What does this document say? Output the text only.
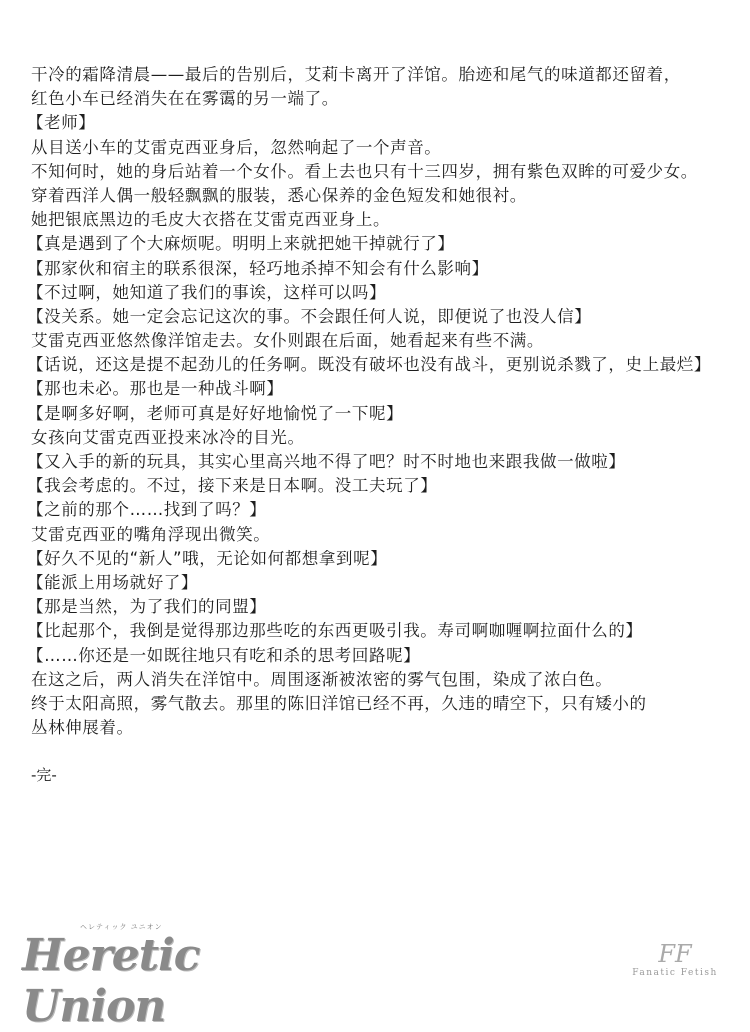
干冷的霜降清晨——最后的告别后，艾莉卡离开了洋馆。胎迹和尾气的味道都还留着，
红色小车已经消失在在雾霭的另一端了。
【老师】
从目送小车的艾雷克西亚身后，忽然响起了一个声音。
不知何时，她的身后站着一个女仆。看上去也只有十三四岁，拥有紫色双眸的可爱少女。
穿着西洋人偶一般轻飘飘的服装，悉心保养的金色短发和她很衬。
她把银底黑边的毛皮大衣搭在艾雷克西亚身上。
【真是遇到了个大麻烦呢。明明上来就把她干掉就行了】
【那家伙和宿主的联系很深，轻巧地杀掉不知会有什么影响】
【不过啊，她知道了我们的事诶，这样可以吗】
【没关系。她一定会忘记这次的事。不会跟任何人说，即便说了也没人信】
艾雷克西亚悠然像洋馆走去。女仆则跟在后面，她看起来有些不满。
【话说，还这是提不起劲儿的任务啊。既没有破坏也没有战斗，更别说杀戮了，史上最烂】
【那也未必。那也是一种战斗啊】
【是啊多好啊，老师可真是好好地愉悦了一下呢】
女孩向艾雷克西亚投来冰冷的目光。
【又入手的新的玩具，其实心里高兴地不得了吧？时不时地也来跟我做一做啦】
【我会考虑的。不过，接下来是日本啊。没工夫玩了】
【之前的那个……找到了吗？】
艾雷克西亚的嘴角浮现出微笑。
【好久不见的“新人”哦，无论如何都想拿到呢】
【能派上用场就好了】
【那是当然，为了我们的同盟】
【比起那个，我倒是觉得那边那些吃的东西更吸引我。寿司啊咖喱啊拉面什么的】
【……你还是一如既往地只有吃和杀的思考回路呢】
在这之后，两人消失在洋馆中。周围逐渐被浓密的雾气包围，染成了浓白色。
终于太阳高照，雾气散去。那里的陈旧洋馆已经不再，久违的晴空下，只有矮小的
丛林伸展着。
-完-
ヘレティック ユニオン
Heretic Union
FF
Fanatic Fetish
